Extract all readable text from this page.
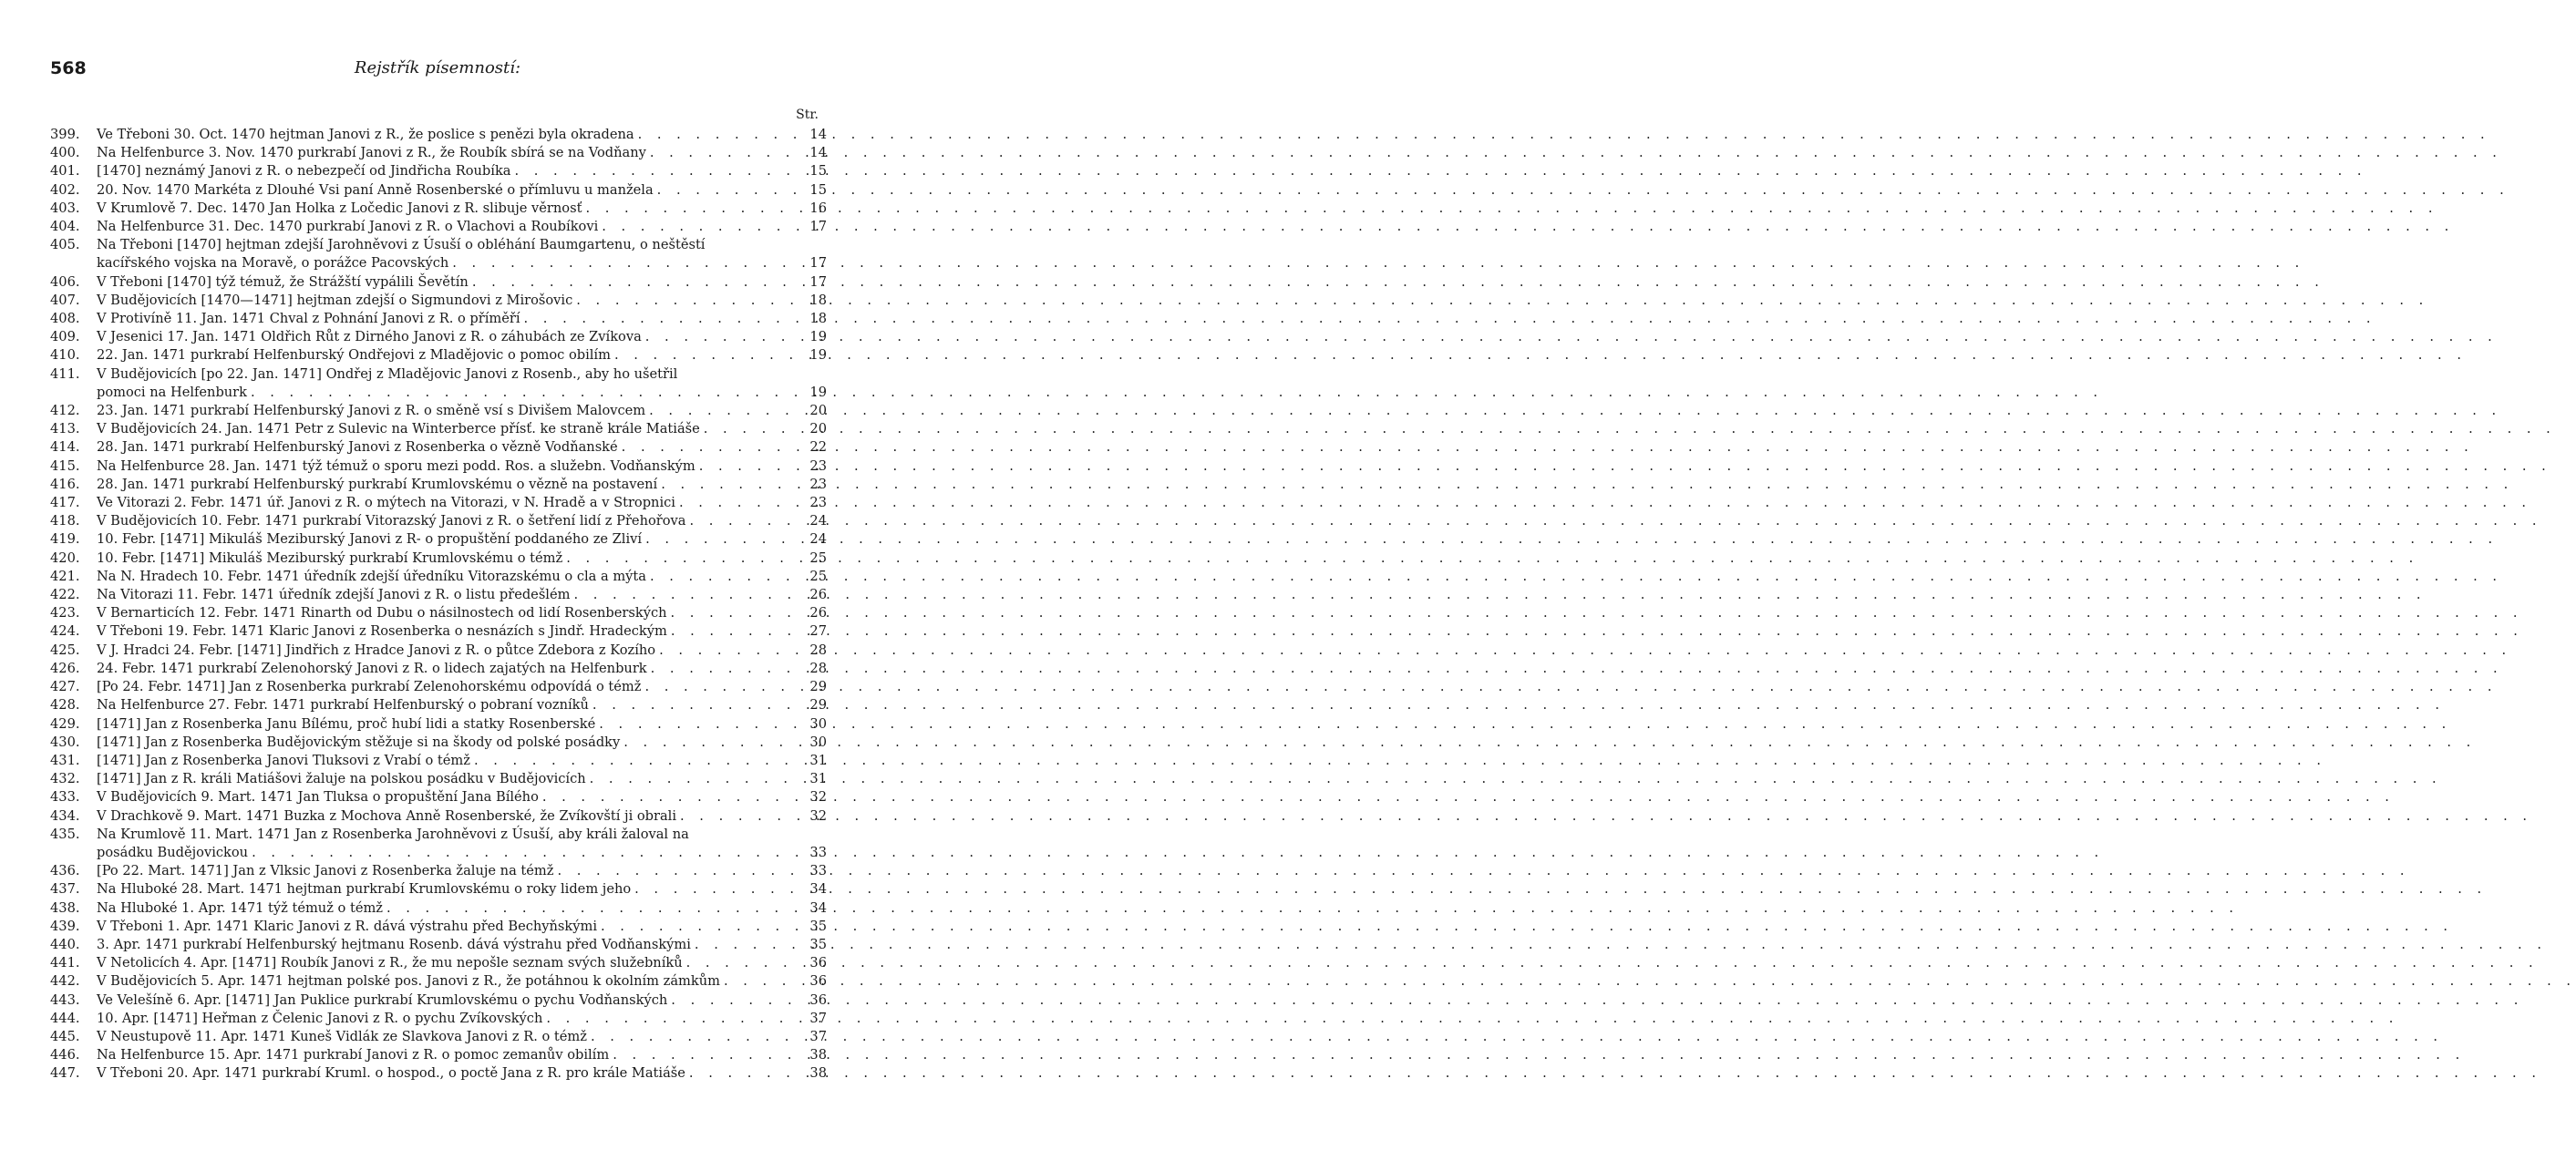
568	Rejstřík písemností:
Str.
399.	Ve Třeboni 30. Oct. 1470 hejtman Janovi z R., že poslice s penězi byla okradena . . .	14
400.	Na Helfenburce 3. Nov. 1470 purkrabí Janovi z R., že Roubík sbírá se na Vodňany . . .	14
401.	[1470] neznámý Janovi z R. o nebezpečí od Jindřicha Roubíka . . .	15
402.	20. Nov. 1470 Markéta z Dlouhé Vsi paní Anně Rosenberské o přímluvu u manžela . . .	15
403.	V Krumlově 7. Dec. 1470 Jan Holka z Ločedic Janovi z R. slibuje věrnosť . . .	16
404.	Na Helfenburce 31. Dec. 1470 purkrabí Janovi z R. o Vlachovi a Roubíkovi . . .	17
405.	Na Třeboni [1470] hejtman zdejší Jarohněvovi z Úsuší o obléhání Baumgartenu, o neštěstí
kacířského vojska na Moravě, o porážce Pacovských . . .	17
406.	V Třeboni [1470] týž témuž, že Strážští vypálili Ševětín . . .	17
407.	V Budějovicích [1470—1471] hejtman zdejší o Sigmundovi z Mirošovic . . .	18
408.	V Protivíně 11. Jan. 1471 Chval z Pohnání Janovi z R. o příměří . . .	18
409.	V Jesenici 17. Jan. 1471 Oldřich Růt z Dirného Janovi z R. o záhubách ze Zvíkova . . .	19
410.	22. Jan. 1471 purkrabí Helfenburský Ondřejovi z Mladějovic o pomoc obilím . . .	19
411.	V Budějovicích [po 22. Jan. 1471] Ondřej z Mladějovic Janovi z Rosenb., aby ho ušetřil
pomoci na Helfenburk . . .	19
412.	23. Jan. 1471 purkrabí Helfenburský Janovi z R. o směně vsí s Divišem Malovcem . . .	20
413.	V Budějovicích 24. Jan. 1471 Petr z Sulevic na Winterberce přísť. ke straně krále Matiáše . . .	20
414.	28. Jan. 1471 purkrabí Helfenburský Janovi z Rosenberka o vězně Vodňanské . . .	22
415.	Na Helfenburce 28. Jan. 1471 týž témuž o sporu mezi podd. Ros. a služebn. Vodňanským . . .	23
416.	28. Jan. 1471 purkrabí Helfenburský purkrabí Krumlovskému o vězně na postavení . . .	23
417.	Ve Vitorazi 2. Febr. 1471 úř. Janovi z R. o mýtech na Vitorazi, v N. Hradě a v Stropnici . . .	23
418.	V Budějovicích 10. Febr. 1471 purkrabí Vitorazský Janovi z R. o šetření lidí z Přehořova . . .	24
419.	10. Febr. [1471] Mikuláš Meziburský Janovi z R- o propuštění poddaného ze Zliví . . .	24
420.	10. Febr. [1471] Mikuláš Meziburský purkrabí Krumlovskému o témž . . .	25
421.	Na N. Hradech 10. Febr. 1471 úředník zdejší úředníku Vitorazskému o cla a mýta . . .	25
422.	Na Vitorazi 11. Febr. 1471 úředník zdejší Janovi z R. o listu předešlém . . .	26
423.	V Bernarticích 12. Febr. 1471 Rinarth od Dubu o násilnostech od lidí Rosenberských . . .	26
424.	V Třeboni 19. Febr. 1471 Klaric Janovi z Rosenberka o nesnázích s Jindř. Hradeckým . . .	27
425.	V J. Hradci 24. Febr. [1471] Jindřich z Hradce Janovi z R. o půtce Zdebora z Kozího . . .	28
426.	24. Febr. 1471 purkrabí Zelenohorský Janovi z R. o lidech zajatých na Helfenburk . . .	28
427.	[Po 24. Febr. 1471] Jan z Rosenberka purkrabí Zelenohorskému odpovídá o témž . . .	29
428.	Na Helfenburce 27. Febr. 1471 purkrabí Helfenburský o pobraní vozníků . . .	29
429.	[1471] Jan z Rosenberka Janu Bílému, proč hubí lidi a statky Rosenberské . . .	30
430.	[1471] Jan z Rosenberka Budějovickým stěžuje si na škody od polské posádky . . .	30
431.	[1471] Jan z Rosenberka Janovi Tluksovi z Vrabí o témž . . .	31
432.	[1471] Jan z R. králi Matiášovi žaluje na polskou posádku v Budějovicích . . .	31
433.	V Budějovicích 9. Mart. 1471 Jan Tluksa o propuštění Jana Bílého . . .	32
434.	V Drachkově 9. Mart. 1471 Buzka z Mochova Anně Rosenberské, že Zvíkovští ji obrali . . .	32
435.	Na Krumlově 11. Mart. 1471 Jan z Rosenberka Jarohněvovi z Úsuší, aby králi žaloval na
posádku Budějovickou . . .	33
436.	[Po 22. Mart. 1471] Jan z Vlksic Janovi z Rosenberka žaluje na témž . . .	33
437.	Na Hluboké 28. Mart. 1471 hejtman purkrabí Krumlovskému o roky lidem jeho . . .	34
438.	Na Hluboké 1. Apr. 1471 týž témuž o témž . . .	34
439.	V Třeboni 1. Apr. 1471 Klaric Janovi z R. dává výstrahu před Bechyňskými . . .	35
440.	3. Apr. 1471 purkrabí Helfenburský hejtmanu Rosenb. dává výstrahu před Vodňanskými . . .	35
441.	V Netolicích 4. Apr. [1471] Roubík Janovi z R., že mu nepošle seznam svých služebníků . . .	36
442.	V Budějovicích 5. Apr. 1471 hejtman polské pos. Janovi z R., že potáhnou k okolním zámkům . . .	36
443.	Ve Velešíně 6. Apr. [1471] Jan Puklice purkrabí Krumlovskému o pychu Vodňanských . . .	36
444.	10. Apr. [1471] Heřman z Čelenic Janovi z R. o pychu Zvíkovských . . .	37
445.	V Neustupově 11. Apr. 1471 Kuneš Vidlák ze Slavkova Janovi z R. o témž . . .	37
446.	Na Helfenburce 15. Apr. 1471 purkrabí Janovi z R. o pomoc zemanův obilím . . .	38
447.	V Třeboni 20. Apr. 1471 purkrabí Kruml. o hospod., o poctě Jana z R. pro krále Matiáše . . .	38
